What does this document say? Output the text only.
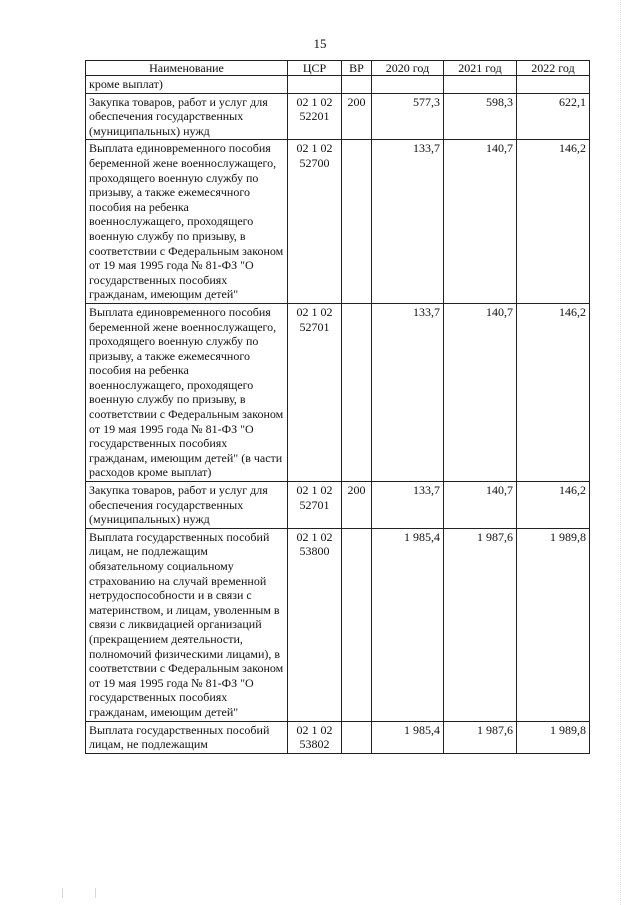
15
Наименование	ЦСР	ВР	2020 год	2021 год	2022 год
кроме выплат)					
Закупка товаров, работ и услуг для обеспечения государственных (муниципальных) нужд	02 1 02 52201	200	577,3	598,3	622,1
Выплата единовременного пособия беременной жене военнослужащего, проходящего военную службу по призыву, а также ежемесячного пособия на ребенка военнослужащего, проходящего военную службу по призыву, в соответствии с Федеральным законом от 19 мая 1995 года № 81-ФЗ "О государственных пособиях гражданам, имеющим детей"	02 1 02 52700		133,7	140,7	146,2
Выплата единовременного пособия беременной жене военнослужащего, проходящего военную службу по призыву, а также ежемесячного пособия на ребенка военнослужащего, проходящего военную службу по призыву, в соответствии с Федеральным законом от 19 мая 1995 года № 81-ФЗ "О государственных пособиях гражданам, имеющим детей" (в части расходов кроме выплат)	02 1 02 52701		133,7	140,7	146,2
Закупка товаров, работ и услуг для обеспечения государственных (муниципальных) нужд	02 1 02 52701	200	133,7	140,7	146,2
Выплата государственных пособий лицам, не подлежащим обязательному социальному страхованию на случай временной нетрудоспособности и в связи с материнством, и лицам, уволенным в связи с ликвидацией организаций (прекращением деятельности, полномочий физическими лицами), в соответствии с Федеральным законом от 19 мая 1995 года № 81-ФЗ "О государственных пособиях гражданам, имеющим детей"	02 1 02 53800		1 985,4	1 987,6	1 989,8
Выплата государственных пособий лицам, не подлежащим	02 1 02 53802		1 985,4	1 987,6	1 989,8
